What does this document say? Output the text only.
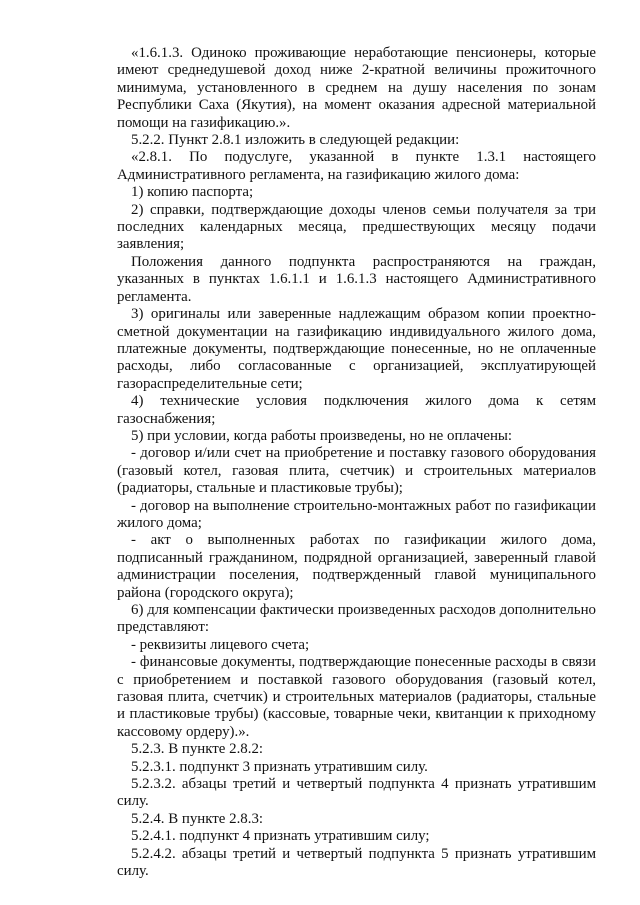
«1.6.1.3. Одиноко проживающие неработающие пенсионеры, которые имеют среднедушевой доход ниже 2-кратной величины прожиточного минимума, установленного в среднем на душу населения по зонам Республики Саха (Якутия), на момент оказания адресной материальной помощи на газификацию.».

5.2.2. Пункт 2.8.1 изложить в следующей редакции:

«2.8.1. По подуслуге, указанной в пункте 1.3.1 настоящего Административного регламента, на газификацию жилого дома:

1) копию паспорта;

2) справки, подтверждающие доходы членов семьи получателя за три последних календарных месяца, предшествующих месяцу подачи заявления;

Положения данного подпункта распространяются на граждан, указанных в пунктах 1.6.1.1 и 1.6.1.3 настоящего Административного регламента.

3) оригиналы или заверенные надлежащим образом копии проектно-сметной документации на газификацию индивидуального жилого дома, платежные документы, подтверждающие понесенные, но не оплаченные расходы, либо согласованные с организацией, эксплуатирующей газораспределительные сети;

4) технические условия подключения жилого дома к сетям газоснабжения;

5) при условии, когда работы произведены, но не оплачены:

- договор и/или счет на приобретение и поставку газового оборудования (газовый котел, газовая плита, счетчик) и строительных материалов (радиаторы, стальные и пластиковые трубы);

- договор на выполнение строительно-монтажных работ по газификации жилого дома;

- акт о выполненных работах по газификации жилого дома, подписанный гражданином, подрядной организацией, заверенный главой администрации поселения, подтвержденный главой муниципального района (городского округа);

6) для компенсации фактически произведенных расходов дополнительно представляют:

- реквизиты лицевого счета;

- финансовые документы, подтверждающие понесенные расходы в связи с приобретением и поставкой газового оборудования (газовый котел, газовая плита, счетчик) и строительных материалов (радиаторы, стальные и пластиковые трубы) (кассовые, товарные чеки, квитанции к приходному кассовому ордеру).».

5.2.3. В пункте 2.8.2:

5.2.3.1. подпункт 3 признать утратившим силу.

5.2.3.2. абзацы третий и четвертый подпункта 4 признать утратившим силу.

5.2.4. В пункте 2.8.3:

5.2.4.1. подпункт 4 признать утратившим силу;

5.2.4.2. абзацы третий и четвертый подпункта 5 признать утратившим силу.
